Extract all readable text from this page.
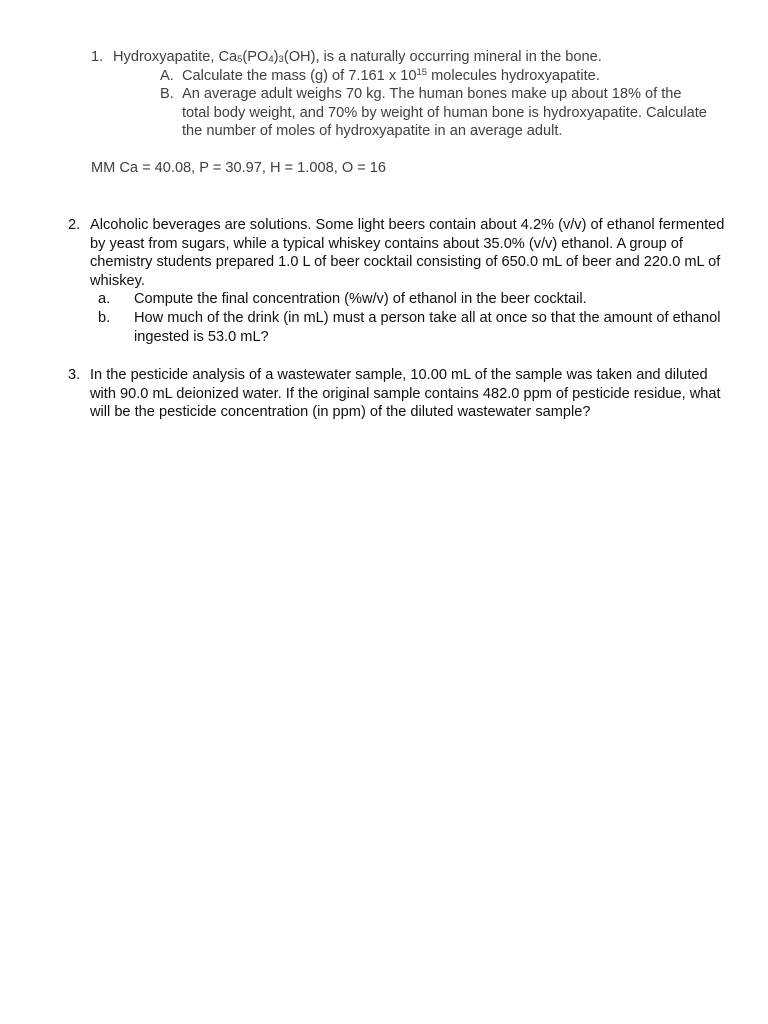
1. Hydroxyapatite, $Ca_5(PO_4)_3(OH)$, is a naturally occurring mineral in the bone.
A. Calculate the mass (g) of 7.161 x $10^{15}$ molecules hydroxyapatite.
B. An average adult weighs 70 kg. The human bones make up about 18% of the total body weight, and 70% by weight of human bone is hydroxyapatite. Calculate the number of moles of hydroxyapatite in an average adult.
MM Ca = 40.08, P = 30.97, H = 1.008, O = 16
2. Alcoholic beverages are solutions. Some light beers contain about 4.2% (v/v) of ethanol fermented by yeast from sugars, while a typical whiskey contains about 35.0% (v/v) ethanol. A group of chemistry students prepared 1.0 L of beer cocktail consisting of 650.0 mL of beer and 220.0 mL of whiskey.
a. Compute the final concentration (%w/v) of ethanol in the beer cocktail.
b. How much of the drink (in mL) must a person take all at once so that the amount of ethanol ingested is 53.0 mL?
3. In the pesticide analysis of a wastewater sample, 10.00 mL of the sample was taken and diluted with 90.0 mL deionized water. If the original sample contains 482.0 ppm of pesticide residue, what will be the pesticide concentration (in ppm) of the diluted wastewater sample?
